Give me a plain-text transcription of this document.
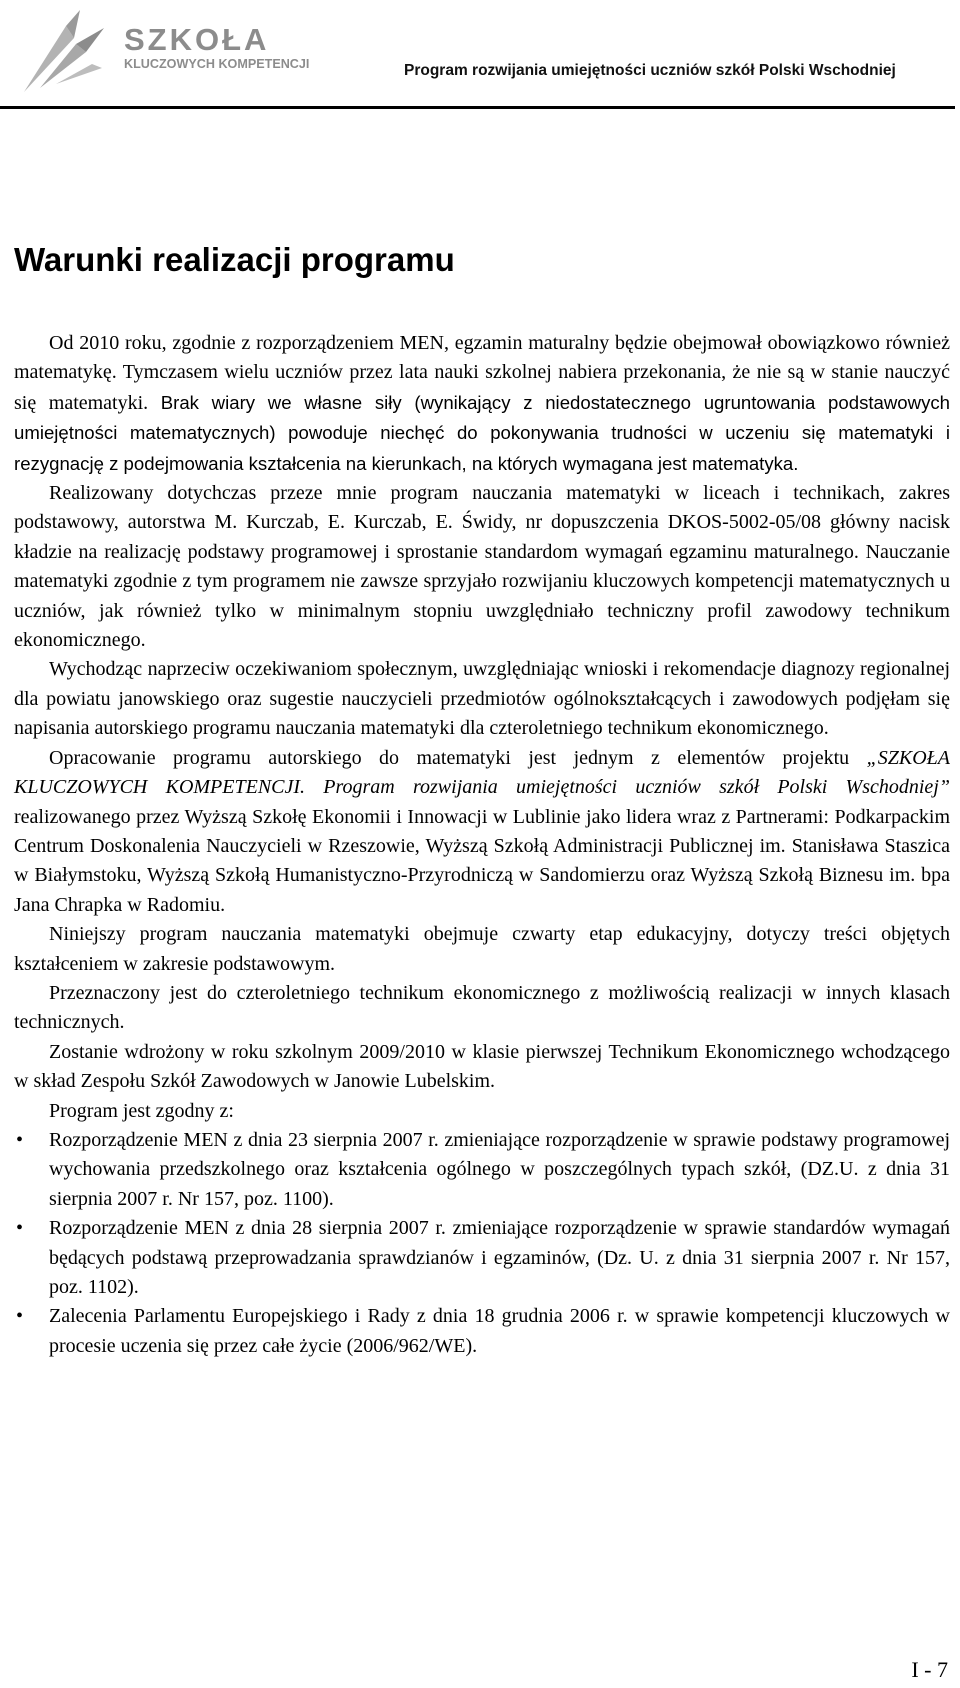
SZKOŁA
KLUCZOWYCH KOMPETENCJI	Program rozwijania umiejętności uczniów szkół Polski Wschodniej
Warunki realizacji programu

Od 2010 roku, zgodnie z rozporządzeniem MEN, egzamin maturalny będzie obejmował obowiązkowo również matematykę. Tymczasem wielu uczniów przez lata nauki szkolnej nabiera przekonania, że nie są w stanie nauczyć się matematyki. Brak wiary we własne siły (wynikający z niedostatecznego ugruntowania podstawowych umiejętności matematycznych) powoduje niechęć do pokonywania trudności w uczeniu się matematyki i rezygnację z podejmowania kształcenia na kierunkach, na których wymagana jest matematyka.

Realizowany dotychczas przeze mnie program nauczania matematyki w liceach i technikach, zakres podstawowy, autorstwa M. Kurczab, E. Kurczab, E. Świdy, nr dopuszczenia DKOS-5002-05/08 główny nacisk kładzie na realizację podstawy programowej i sprostanie standardom wymagań egzaminu maturalnego. Nauczanie matematyki zgodnie z tym programem nie zawsze sprzyjało rozwijaniu kluczowych kompetencji matematycznych u uczniów, jak również tylko w minimalnym stopniu uwzględniało techniczny profil zawodowy technikum ekonomicznego.

Wychodząc naprzeciw oczekiwaniom społecznym, uwzględniając wnioski i rekomendacje diagnozy regionalnej dla powiatu janowskiego oraz sugestie nauczycieli przedmiotów ogólnokształcących i zawodowych podjęłam się napisania autorskiego programu nauczania matematyki dla czteroletniego technikum ekonomicznego.

Opracowanie programu autorskiego do matematyki jest jednym z elementów projektu „SZKOŁA KLUCZOWYCH KOMPETENCJI. Program rozwijania umiejętności uczniów szkół Polski Wschodniej” realizowanego przez Wyższą Szkołę Ekonomii i Innowacji w Lublinie jako lidera wraz z Partnerami: Podkarpackim Centrum Doskonalenia Nauczycieli w Rzeszowie, Wyższą Szkołą Administracji Publicznej im. Stanisława Staszica w Białymstoku, Wyższą Szkołą Humanistyczno-Przyrodniczą w Sandomierzu oraz Wyższą Szkołą Biznesu im. bpa Jana Chrapka w Radomiu.

Niniejszy program nauczania matematyki obejmuje czwarty etap edukacyjny, dotyczy treści objętych kształceniem w zakresie podstawowym.

Przeznaczony jest do czteroletniego technikum ekonomicznego z możliwością realizacji w innych klasach technicznych.

Zostanie wdrożony w roku szkolnym 2009/2010 w klasie pierwszej Technikum Ekonomicznego wchodzącego w skład Zespołu Szkół Zawodowych w Janowie Lubelskim.

Program jest zgodny z:

• Rozporządzenie MEN z dnia 23 sierpnia 2007 r. zmieniające rozporządzenie w sprawie podstawy programowej wychowania przedszkolnego oraz kształcenia ogólnego w poszczególnych typach szkół, (DZ.U. z dnia 31 sierpnia 2007 r. Nr 157, poz. 1100).
• Rozporządzenie MEN z dnia 28 sierpnia 2007 r. zmieniające rozporządzenie w sprawie standardów wymagań będących podstawą przeprowadzania sprawdzianów i egzaminów, (Dz. U. z dnia 31 sierpnia 2007 r. Nr 157, poz. 1102).
• Zalecenia Parlamentu Europejskiego i Rady z dnia 18 grudnia 2006 r. w sprawie kompetencji kluczowych w procesie uczenia się przez całe życie (2006/962/WE).
I - 7
